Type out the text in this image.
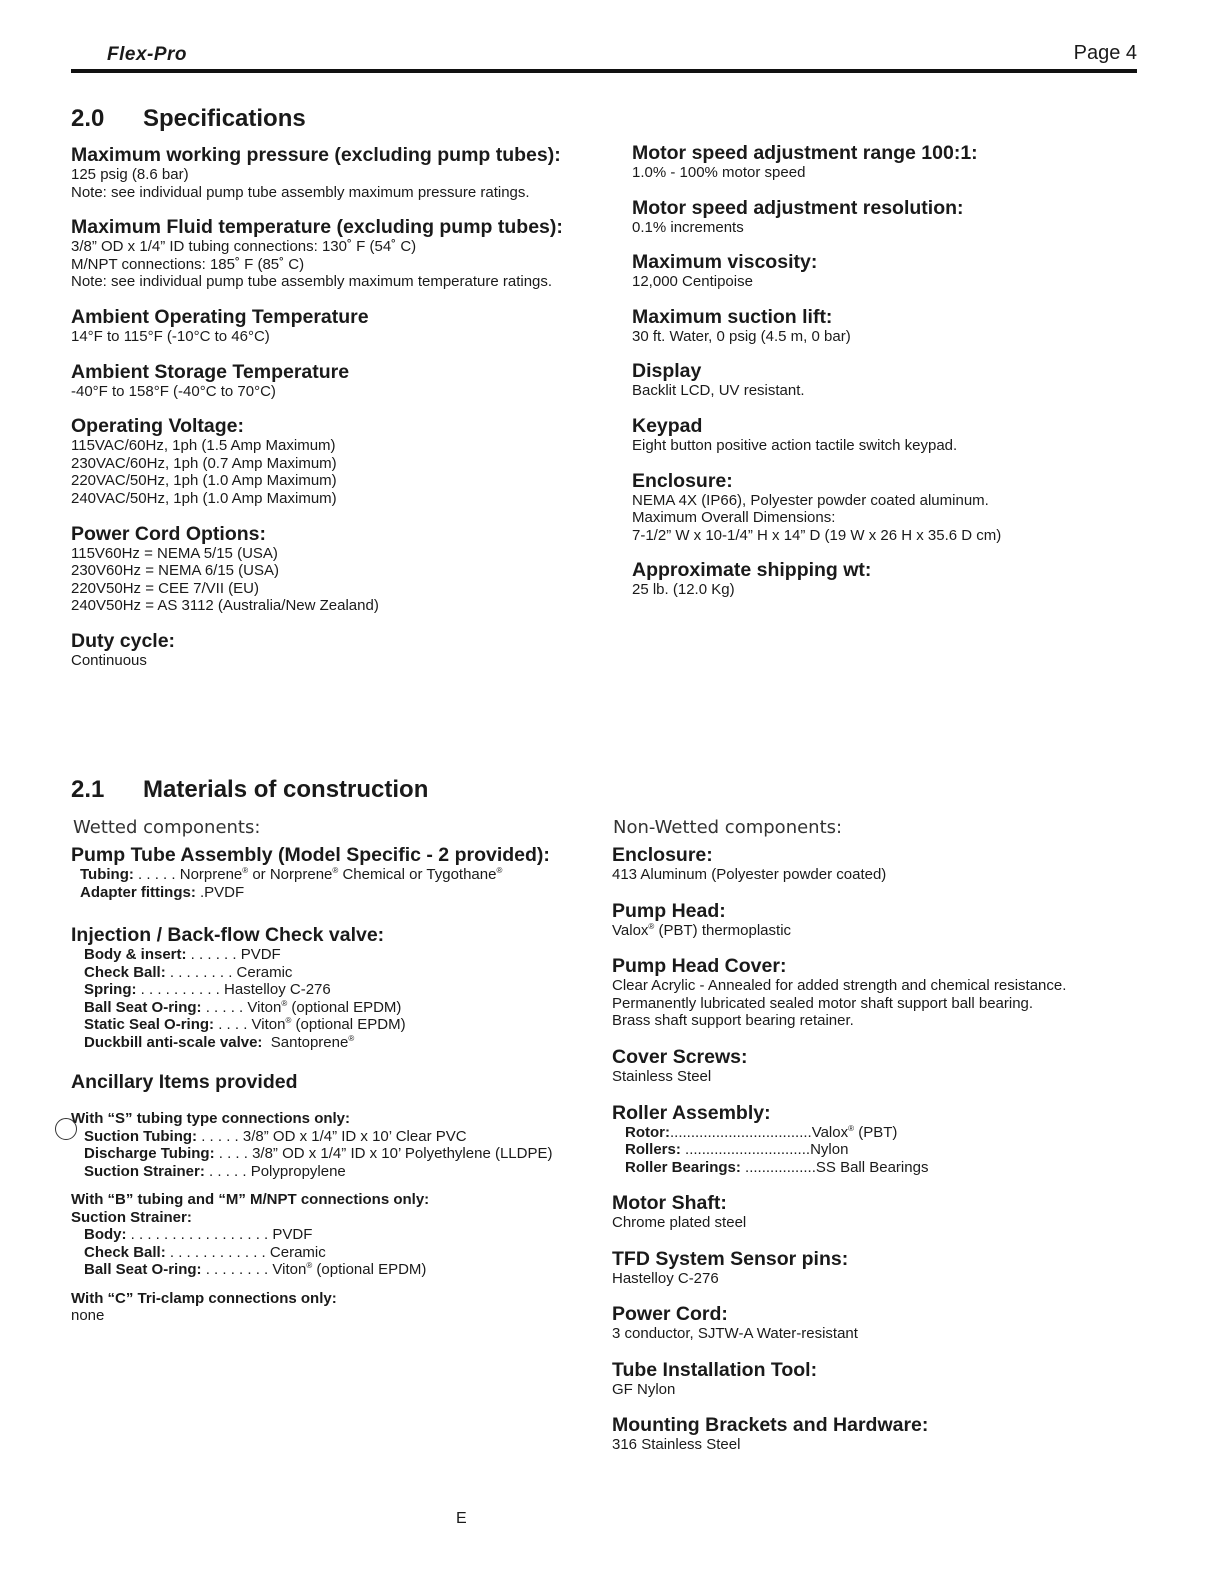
Flex-Pro	Page 4
2.0 Specifications
Maximum working pressure (excluding pump tubes):
125 psig (8.6 bar)
Note: see individual pump tube assembly maximum pressure ratings.
Maximum Fluid temperature (excluding pump tubes):
3/8” OD x 1/4” ID tubing connections: 130˚ F (54˚ C)
M/NPT connections: 185˚ F (85˚ C)
Note: see individual pump tube assembly maximum temperature ratings.
Ambient Operating Temperature
14°F to 115°F (-10°C to 46°C)
Ambient Storage Temperature
-40°F to 158°F (-40°C to 70°C)
Operating Voltage:
115VAC/60Hz, 1ph (1.5 Amp Maximum)
230VAC/60Hz, 1ph (0.7 Amp Maximum)
220VAC/50Hz, 1ph (1.0 Amp Maximum)
240VAC/50Hz, 1ph (1.0 Amp Maximum)
Power Cord Options:
115V60Hz = NEMA 5/15 (USA)
230V60Hz = NEMA 6/15 (USA)
220V50Hz = CEE 7/VII (EU)
240V50Hz = AS 3112 (Australia/New Zealand)
Duty cycle:
Continuous
Motor speed adjustment range 100:1:
1.0% - 100% motor speed
Motor speed adjustment resolution:
0.1% increments
Maximum viscosity:
12,000 Centipoise
Maximum suction lift:
30 ft. Water, 0 psig (4.5 m, 0 bar)
Display
Backlit LCD, UV resistant.
Keypad
Eight button positive action tactile switch keypad.
Enclosure:
NEMA 4X (IP66), Polyester powder coated aluminum.
Maximum Overall Dimensions:
7-1/2” W x 10-1/4” H x 14” D (19 W x 26 H x 35.6 D cm)
Approximate shipping wt:
25 lb. (12.0 Kg)
2.1 Materials of construction
Wetted components:
Pump Tube Assembly (Model Specific - 2 provided):
Tubing: . . . . . Norprene® or Norprene® Chemical or Tygothane®
Adapter fittings: .PVDF
Injection / Back-flow Check valve:
Body & insert: . . . . . . PVDF
Check Ball: . . . . . . . . Ceramic
Spring: . . . . . . . . . . Hastelloy C-276
Ball Seat O-ring: . . . . . Viton® (optional EPDM)
Static Seal O-ring: . . . . Viton® (optional EPDM)
Duckbill anti-scale valve:  Santoprene®
Ancillary Items provided
With “S” tubing type connections only:
Suction Tubing: . . . . . 3/8” OD x 1/4” ID x 10’ Clear PVC
Discharge Tubing: . . . . 3/8” OD x 1/4” ID x 10’ Polyethylene (LLDPE)
Suction Strainer: . . . . . Polypropylene
With “B” tubing and “M” M/NPT connections only:
Suction Strainer:
Body: . . . . . . . . . . . . . . . . . PVDF
Check Ball: . . . . . . . . . . . . Ceramic
Ball Seat O-ring: . . . . . . . . Viton® (optional EPDM)
With “C” Tri-clamp connections only:
none
Non-Wetted components:
Enclosure:
413 Aluminum (Polyester powder coated)
Pump Head:
Valox® (PBT) thermoplastic
Pump Head Cover:
Clear Acrylic - Annealed for added strength and chemical resistance.
Permanently lubricated sealed motor shaft support ball bearing.
Brass shaft support bearing retainer.
Cover Screws:
Stainless Steel
Roller Assembly:
Rotor:..................................Valox® (PBT)
Rollers: ..............................Nylon
Roller Bearings: .................SS Ball Bearings
Motor Shaft:
Chrome plated steel
TFD System Sensor pins:
Hastelloy C-276
Power Cord:
3 conductor, SJTW-A Water-resistant
Tube Installation Tool:
GF Nylon
Mounting Brackets and Hardware:
316 Stainless Steel
E
